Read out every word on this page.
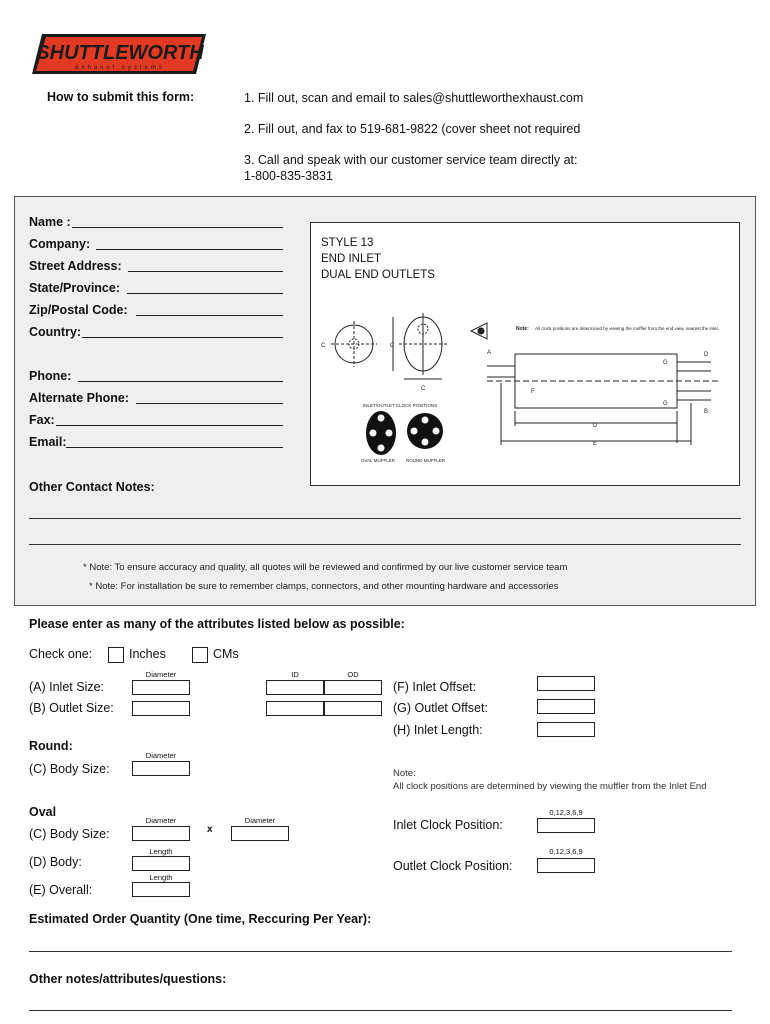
SHUTTLEWORTH
exhaust systems
How to submit this form:	1. Fill out, scan and email to sales@shuttleworthexhaust.com
2. Fill out, and fax to 519-681-9822 (cover sheet not required
3. Call and speak with our customer service team directly at:
1-800-835-3831
Name :
Company:
Street Address:
State/Province:
Zip/Postal Code:
Country:
Phone:
Alternate Phone:
Fax:
Email:
STYLE 13
END INLET
DUAL END OUTLETS
C	C
C
INLET/OUTLET CLOCK POSITIONS
OVAL MUFFLER ROUND MUFFLER
Note: All clock positions are determined by viewing the muffler from the end view, nearest the inlet.
A
F
G
G
D
B
D
E
Other Contact Notes:
* Note: To ensure accuracy and quality, all quotes will be reviewed and confirmed by our live customer service team
* Note: For installation be sure to remember clamps, connectors, and other mounting hardware and accessories
Please enter as many of the attributes listed below as possible:
Check one:	Inches	CMs
Diameter	ID	OD
(A) Inlet Size:
(B) Outlet Size:
(F) Inlet Offset:
(G) Outlet Offset:
(H) Inlet Length:
Round:
Diameter
(C) Body Size:	Note:
All clock positions are determined by viewing the muffler from the Inlet End
Oval
Diameter	Diameter
(C) Body Size:	x
0,12,3,6,9
Inlet Clock Position:
Length
(D) Body:
0,12,3,6,9
Outlet Clock Position:
Length
(E) Overall:
Estimated Order Quantity (One time, Reccuring Per Year):
Other notes/attributes/questions:
